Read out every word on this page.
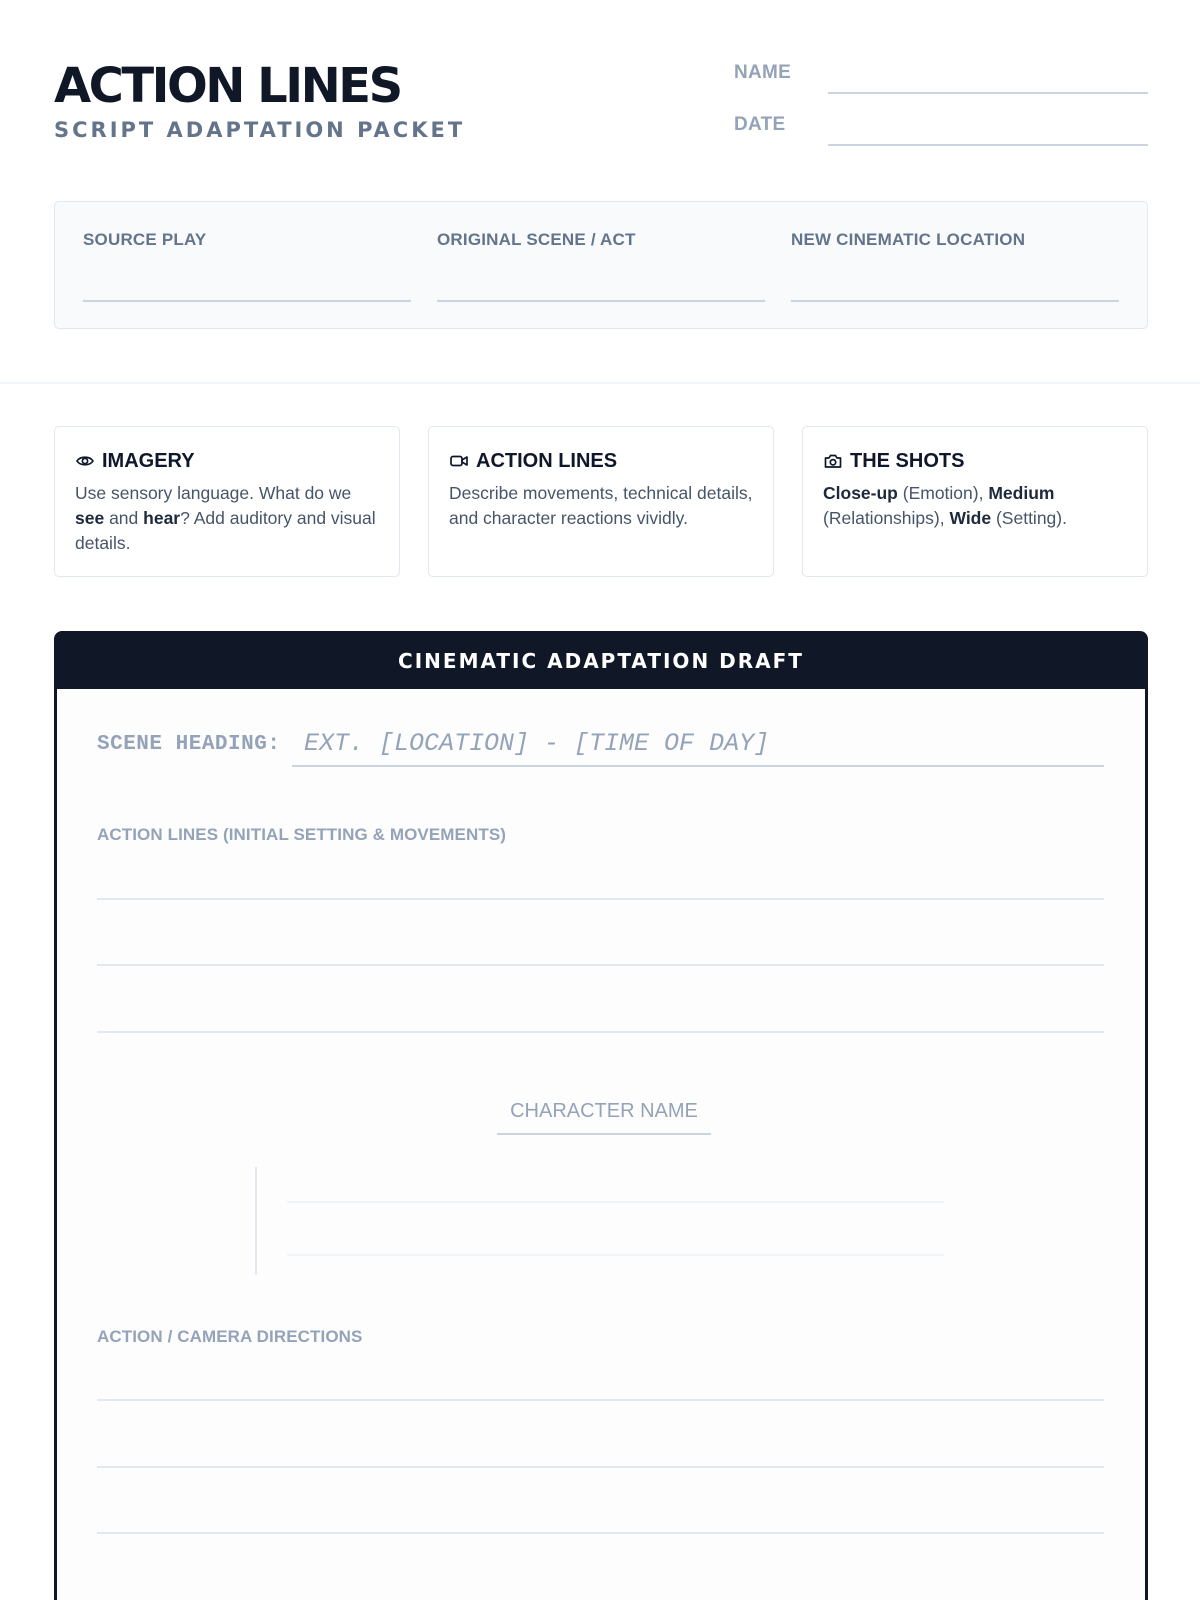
ACTION LINES
SCRIPT ADAPTATION PACKET
NAME
DATE
SOURCE PLAY	ORIGINAL SCENE / ACT	NEW CINEMATIC LOCATION
IMAGERY
Use sensory language. What do we see and hear? Add auditory and visual details.
ACTION LINES
Describe movements, technical details, and character reactions vividly.
THE SHOTS
Close-up (Emotion), Medium (Relationships), Wide (Setting).
CINEMATIC ADAPTATION DRAFT
SCENE HEADING: EXT. [LOCATION] - [TIME OF DAY]
ACTION LINES (INITIAL SETTING & MOVEMENTS)
CHARACTER NAME
ACTION / CAMERA DIRECTIONS
